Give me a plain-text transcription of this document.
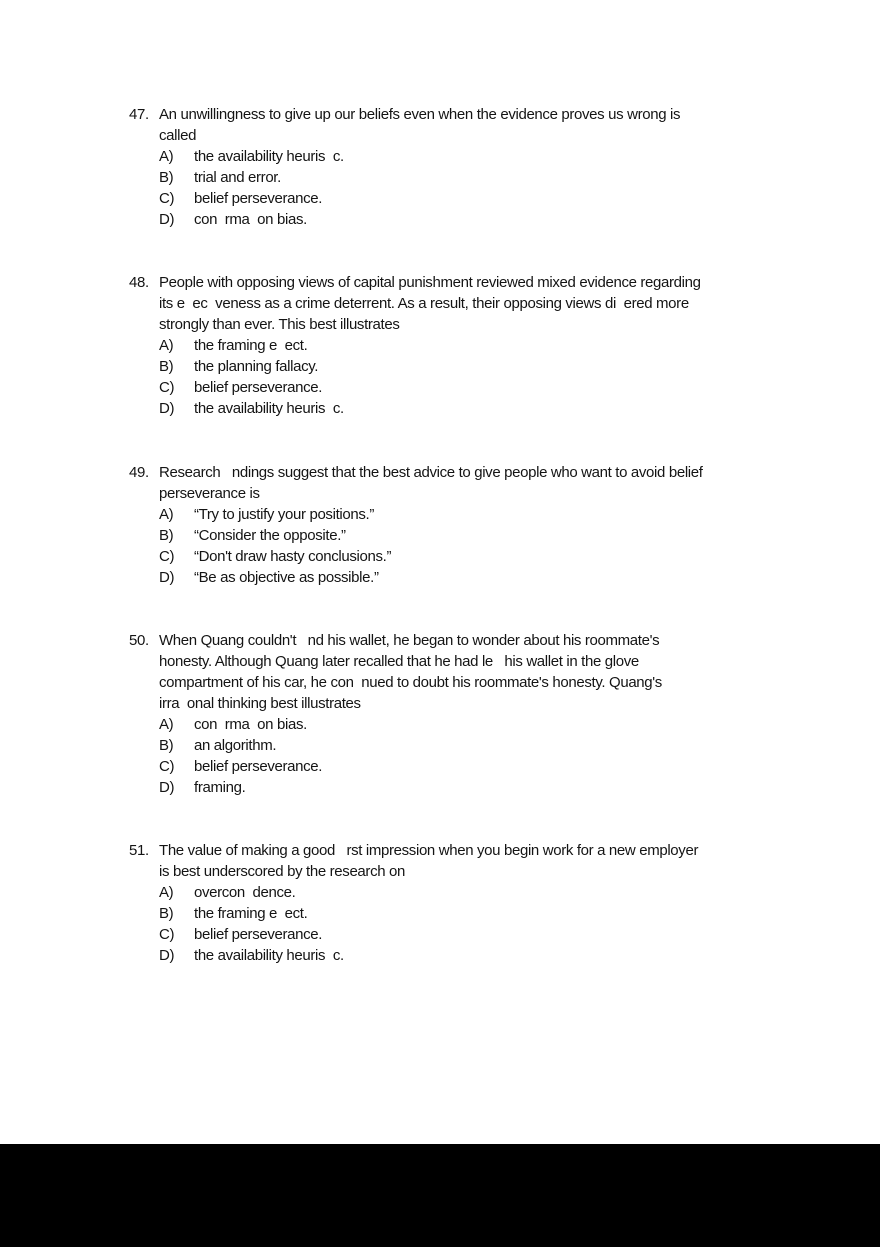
47.

An unwillingness to give up our beliefs even when the evidence proves us wrong is

called

A)

the availability heuris  c.

B)

trial and error.

C)

belief perseverance.

D)

con  rma  on bias.

48.

People with opposing views of capital punishment reviewed mixed evidence regarding

its e  ec  veness as a crime deterrent. As a result, their opposing views di  ered more

strongly than ever. This best illustrates

A)

the framing e  ect.

B)

the planning fallacy.

C)

belief perseverance.

D)

the availability heuris  c.

49.

Research   ndings suggest that the best advice to give people who want to avoid belief

perseverance is

A)

“Try to justify your positions.”

B)

“Consider the opposite.”

C)

“Don't draw hasty conclusions.”

D)

“Be as objective as possible.”

50.

When Quang couldn't   nd his wallet, he began to wonder about his roommate's

honesty. Although Quang later recalled that he had le   his wallet in the glove

compartment of his car, he con  nued to doubt his roommate's honesty. Quang's

irra  onal thinking best illustrates

A)

con  rma  on bias.

B)

an algorithm.

C)

belief perseverance.

D)

framing.

51.

The value of making a good   rst impression when you begin work for a new employer

is best underscored by the research on

A)

overcon  dence.

B)

the framing e  ect.

C)

belief perseverance.

D)

the availability heuris  c.
